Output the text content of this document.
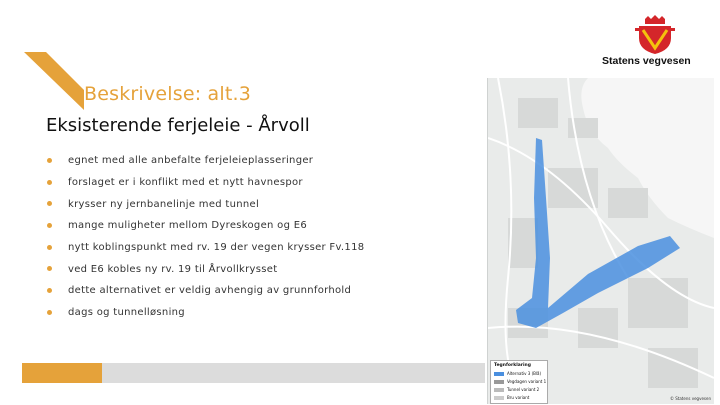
Beskrivelse: alt.3
Eksisterende ferjeleie - Årvoll
egnet med alle anbefalte ferjeleieplasseringer
forslaget er i konflikt med et nytt havnespor
krysser ny jernbanelinje med tunnel
mange muligheter mellom Dyreskogen og E6
nytt koblingspunkt med rv. 19 der vegen krysser Fv.118
ved E6 kobles ny rv. 19 til Årvollkrysset
dette alternativet er veldig avhengig av grunnforhold
dags og tunnelløsning
Statens vegvesen
Tegnforklaring
Alternativ 3 (Blå)
Vegdagen variant 1
Tunnel variant 2
Bru variant	© Statens vegvesen
